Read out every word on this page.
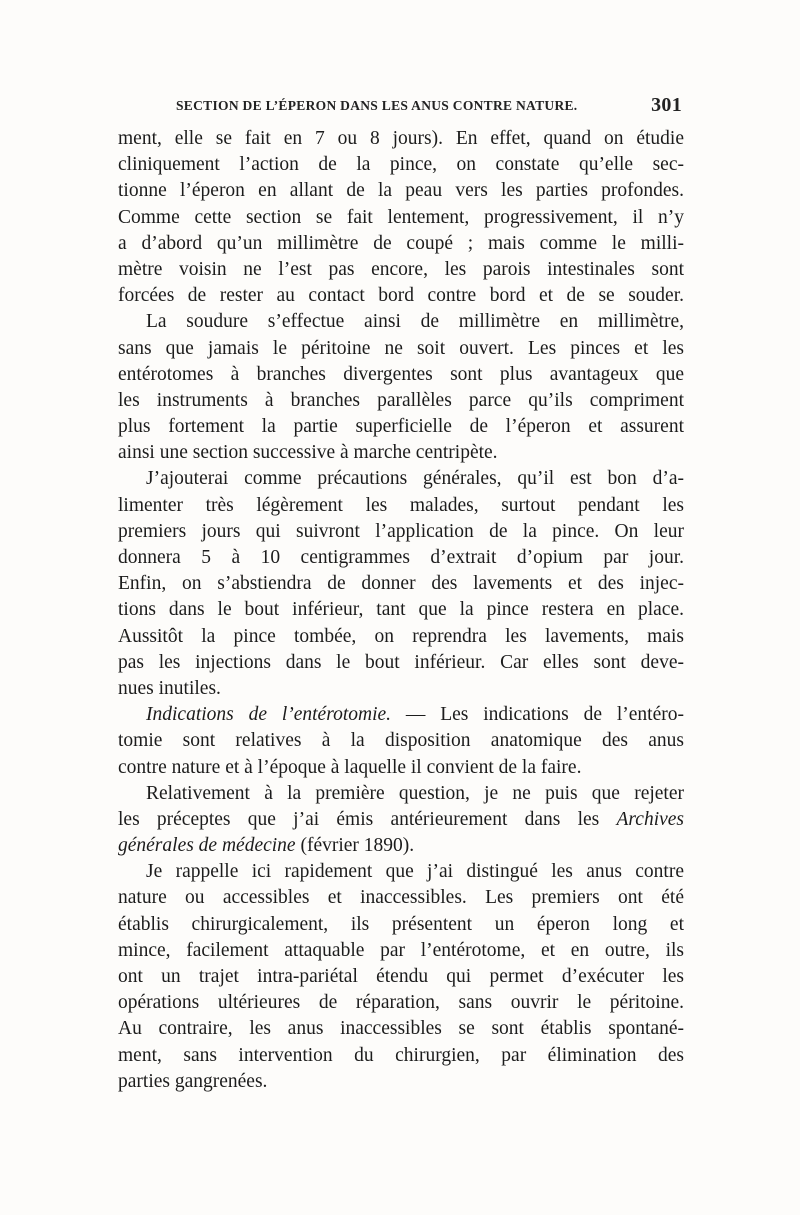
SECTION DE L’ÉPERON DANS LES ANUS CONTRE NATURE.	301
ment, elle se fait en 7 ou 8 jours). En effet, quand on étudie
cliniquement l’action de la pince, on constate qu’elle sec-
tionne l’éperon en allant de la peau vers les parties profondes.
Comme cette section se fait lentement, progressivement, il n’y
a d’abord qu’un millimètre de coupé ; mais comme le milli-
mètre voisin ne l’est pas encore, les parois intestinales sont
forcées de rester au contact bord contre bord et de se souder.
La soudure s’effectue ainsi de millimètre en millimètre,
sans que jamais le péritoine ne soit ouvert. Les pinces et les
entérotomes à branches divergentes sont plus avantageux que
les instruments à branches parallèles parce qu’ils compriment
plus fortement la partie superficielle de l’éperon et assurent
ainsi une section successive à marche centripète.
J’ajouterai comme précautions générales, qu’il est bon d’a-
limenter très légèrement les malades, surtout pendant les
premiers jours qui suivront l’application de la pince. On leur
donnera 5 à 10 centigrammes d’extrait d’opium par jour.
Enfin, on s’abstiendra de donner des lavements et des injec-
tions dans le bout inférieur, tant que la pince restera en place.
Aussitôt la pince tombée, on reprendra les lavements, mais
pas les injections dans le bout inférieur. Car elles sont deve-
nues inutiles.
Indications de l’entérotomie. — Les indications de l’entéro-
tomie sont relatives à la disposition anatomique des anus
contre nature et à l’époque à laquelle il convient de la faire.
Relativement à la première question, je ne puis que rejeter
les préceptes que j’ai émis antérieurement dans les Archives
générales de médecine (février 1890).
Je rappelle ici rapidement que j’ai distingué les anus contre
nature ou accessibles et inaccessibles. Les premiers ont été
établis chirurgicalement, ils présentent un éperon long et
mince, facilement attaquable par l’entérotome, et en outre, ils
ont un trajet intra-pariétal étendu qui permet d’exécuter les
opérations ultérieures de réparation, sans ouvrir le péritoine.
Au contraire, les anus inaccessibles se sont établis spontané-
ment, sans intervention du chirurgien, par élimination des
parties gangrenées.
